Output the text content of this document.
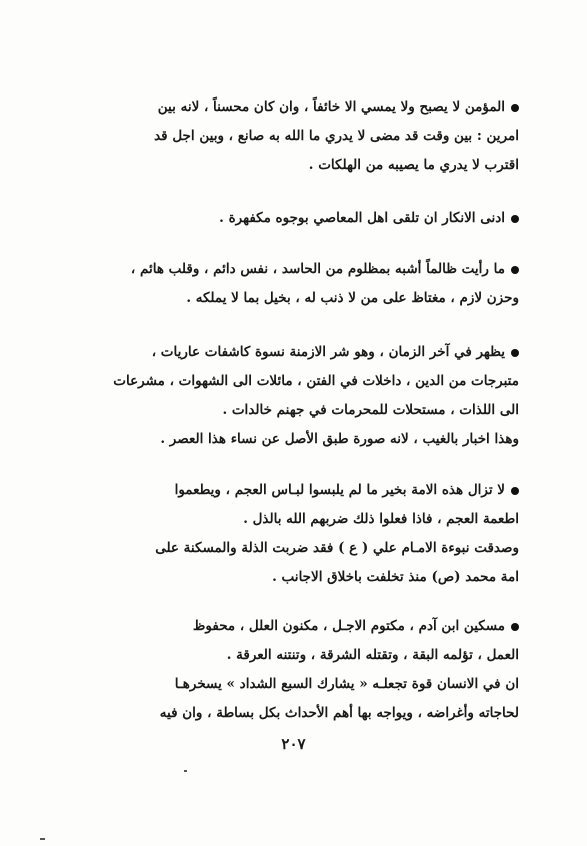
المؤمن لا يصبح ولا يمسي الا خائفاً ، وان كان محسناً ، لانه بين

امرين : بين وقت قد مضى لا يدري ما الله به صانع ، وبين اجل قد

اقترب لا يدري ما يصيبه من الهلكات .

ادنى الانكار ان تلقى اهل المعاصي بوجوه مكفهرة .

ما رأيت ظالماً أشبه بمظلوم من الحاسد ، نفس دائم ، وقلب هائم ،

وحزن لازم ، مغتاظ على من لا ذنب له ، بخيل بما لا يملكه .

يظهر في آخر الزمان ، وهو شر الازمنة نسوة كاشفات عاريات ،

متبرجات من الدين ، داخلات في الفتن ، مائلات الى الشهوات ، مشرعات

الى اللذات ، مستحلات للمحرمات في جهنم خالدات .

وهذا اخبار بالغيب ، لانه صورة طبق الأصل عن نساء هذا العصر .

لا تزال هذه الامة بخير ما لم يلبسوا لبـاس العجم ، ويطعموا

اطعمة العجم ، فاذا فعلوا ذلك ضربهم الله بالذل .

وصدقت نبوءة الامـام علي ( ع ) فقد ضربت الذلة والمسكنة على

امة محمد (ص) منذ تخلفت باخلاق الاجانب .

مسكين ابن آدم ، مكتوم الاجـل ، مكنون العلل ، محفوظ

العمل ، تؤلمه البقة ، وتقتله الشرقة ، وتنتنه العرقة .

ان في الانسان قوة تجعلـه « يشارك السبع الشداد » يسخرهـا

لحاجاته وأغراضه ، ويواجه بها أهم الأحداث بكل بساطة ، وان فيه

٢٠٧
